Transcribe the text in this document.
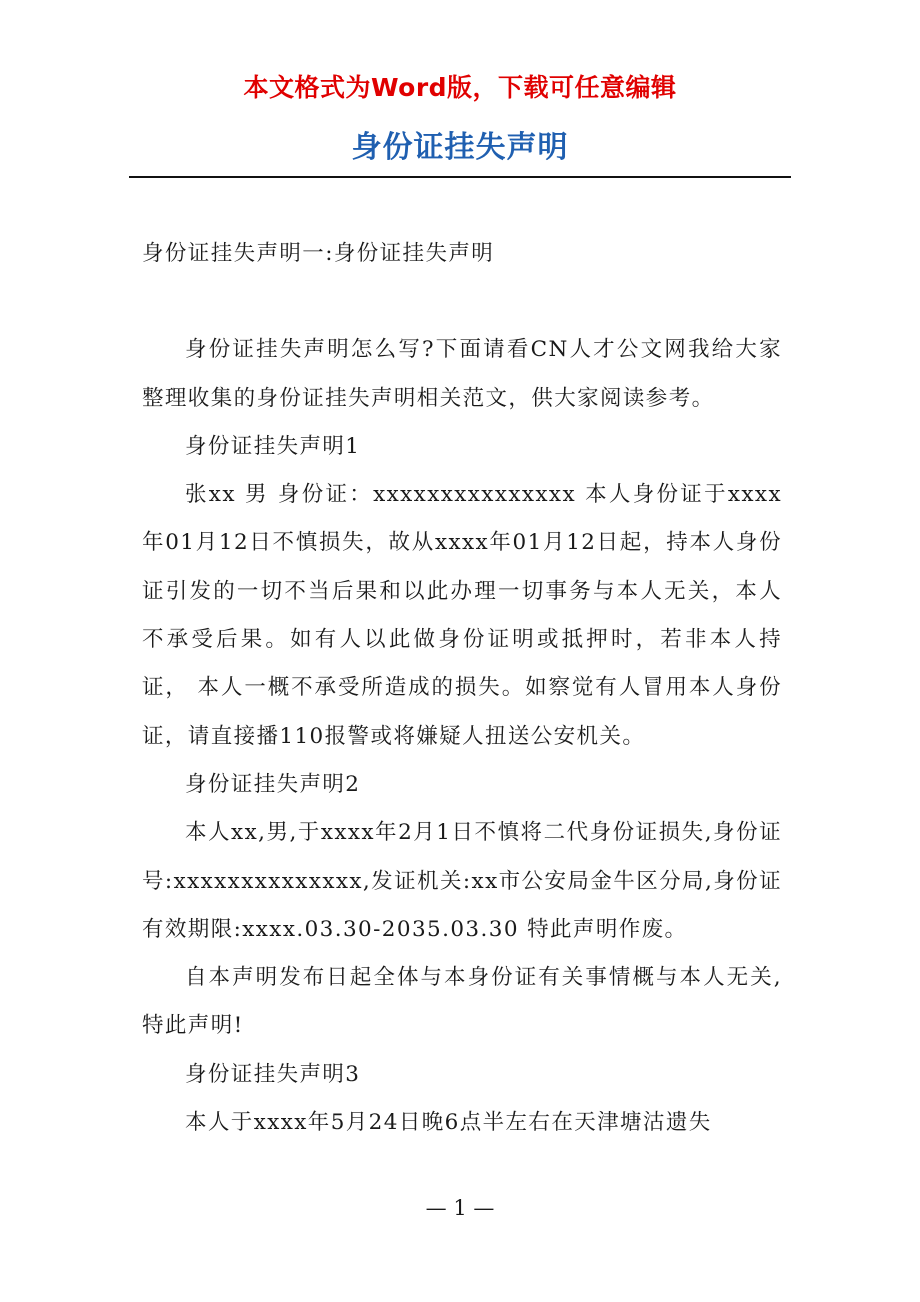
本文格式为Word版，下载可任意编辑
身份证挂失声明

身份证挂失声明一:身份证挂失声明

身份证挂失声明怎么写?下面请看CN人才公文网我给大家整理收集的身份证挂失声明相关范文，供大家阅读参考。

身份证挂失声明1

张xx 男 身份证：xxxxxxxxxxxxxxx 本人身份证于xxxx年01月12日不慎损失，故从xxxx年01月12日起，持本人身份证引发的一切不当后果和以此办理一切事务与本人无关，本人不承受后果。如有人以此做身份证明或抵押时，若非本人持证， 本人一概不承受所造成的损失。如察觉有人冒用本人身份证，请直接播110报警或将嫌疑人扭送公安机关。

身份证挂失声明2

本人xx,男,于xxxx年2月1日不慎将二代身份证损失,身份证号:xxxxxxxxxxxxxx,发证机关:xx市公安局金牛区分局,身份证有效期限:xxxx.03.30-2035.03.30 特此声明作废。

自本声明发布日起全体与本身份证有关事情概与本人无关,特此声明!

身份证挂失声明3

本人于xxxx年5月24日晚6点半左右在天津塘沽遗失

— 1 —
